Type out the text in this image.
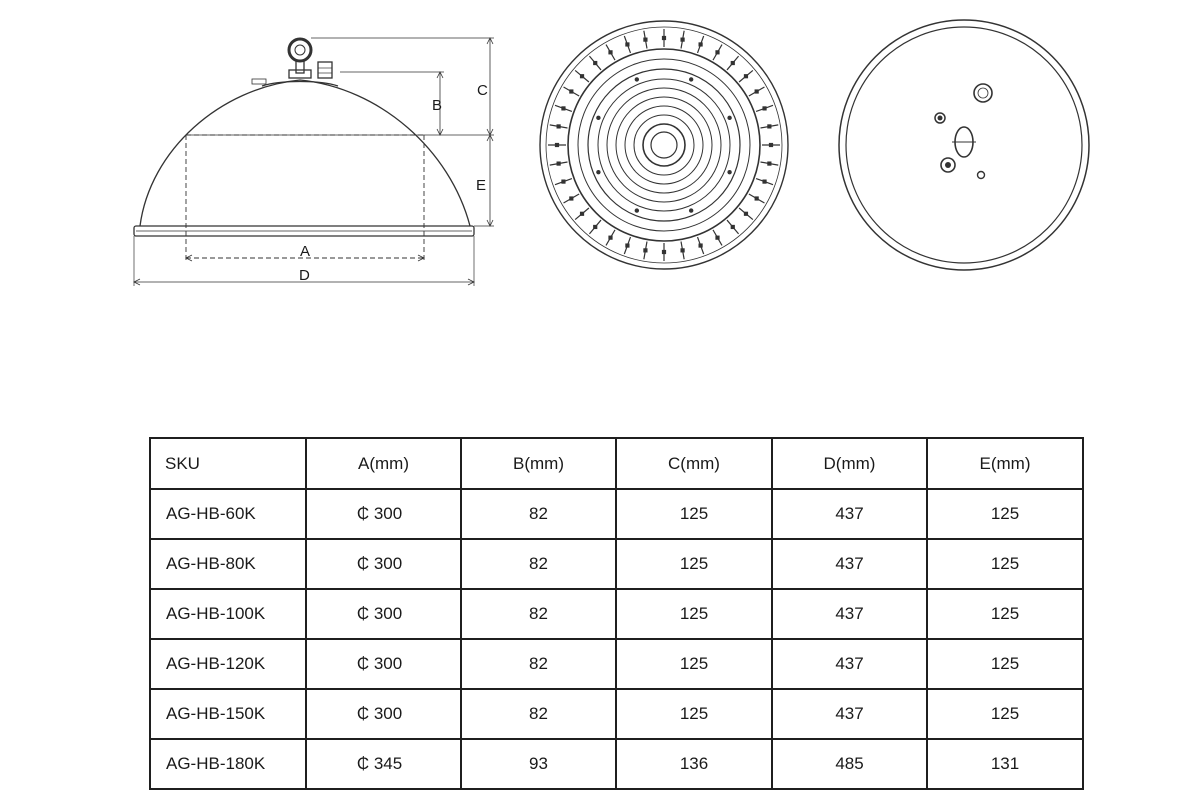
C
B
E
A
D
SKU	A(mm)	B(mm)	C(mm)	D(mm)	E(mm)
AG-HB-60K	₵ 300	82	125	437	125
AG-HB-80K	₵ 300	82	125	437	125
AG-HB-100K	₵ 300	82	125	437	125
AG-HB-120K	₵ 300	82	125	437	125
AG-HB-150K	₵ 300	82	125	437	125
AG-HB-180K	₵ 345	93	136	485	131
